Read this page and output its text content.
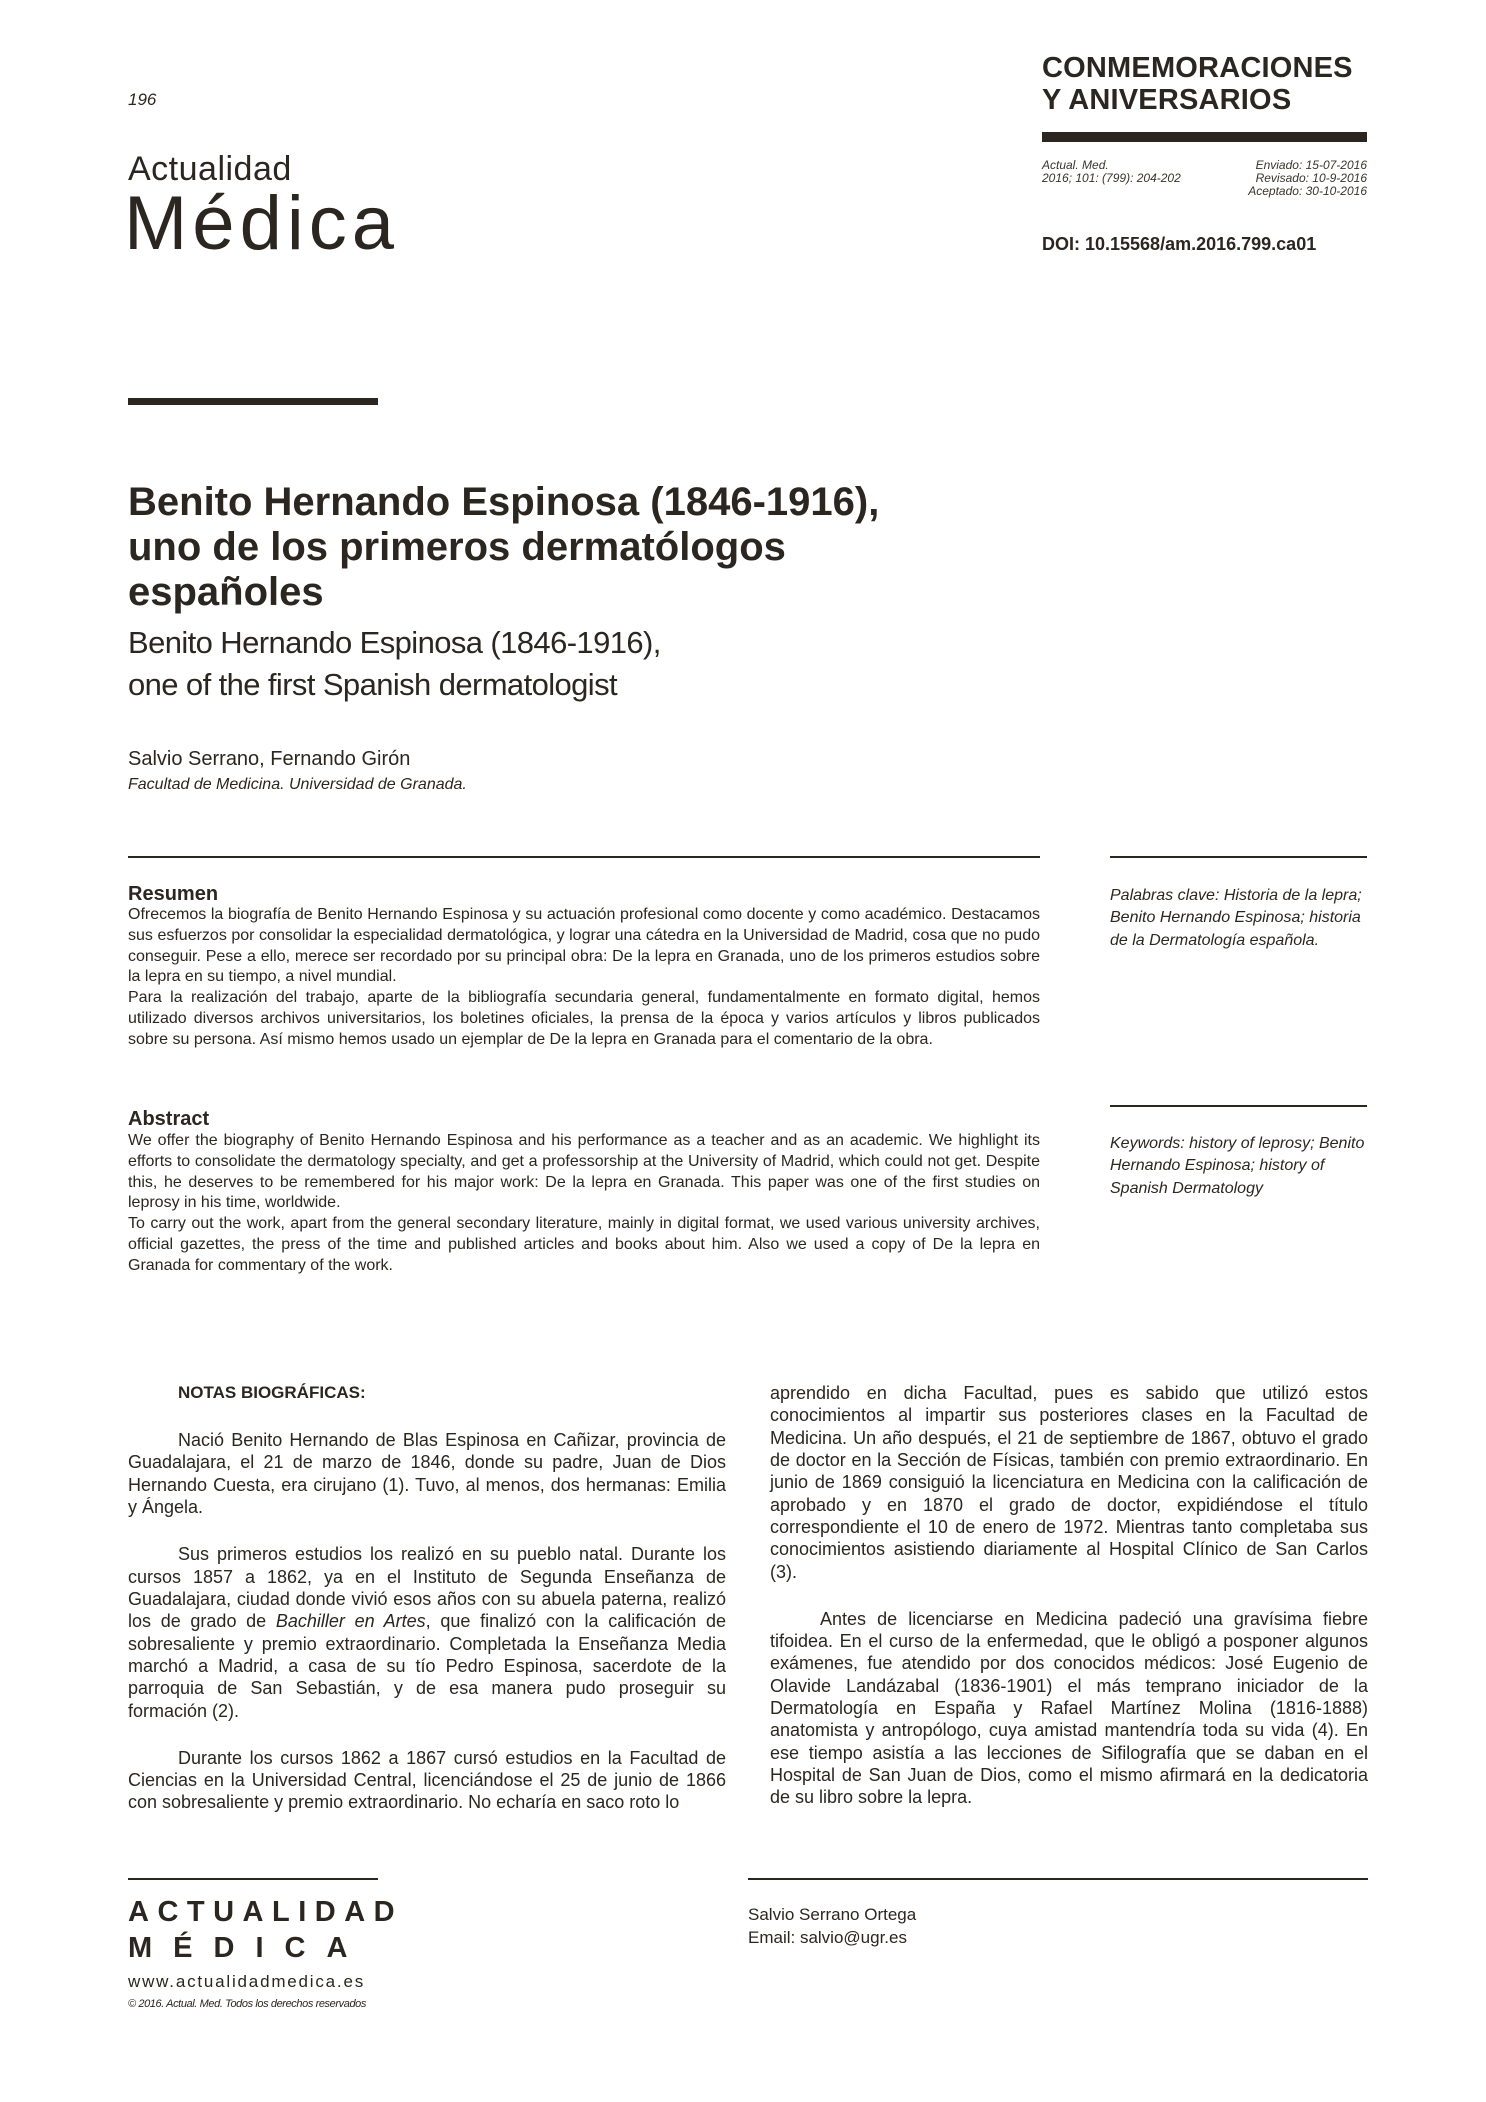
196
Actualidad
Médica
CONMEMORACIONES
Y ANIVERSARIOS
Actual. Med.
2016; 101: (799): 204-202
Enviado: 15-07-2016
Revisado: 10-9-2016
Aceptado: 30-10-2016
DOI: 10.15568/am.2016.799.ca01
Benito Hernando Espinosa (1846-1916),
uno de los primeros dermatólogos
españoles
Benito Hernando Espinosa (1846-1916),
one of the first Spanish dermatologist
Salvio Serrano, Fernando Girón
Facultad de Medicina. Universidad de Granada.
Resumen

Ofrecemos la biografía de Benito Hernando Espinosa y su actuación profesional como docente y como académico. Destacamos sus esfuerzos por consolidar la especialidad dermatológica, y lograr una cátedra en la Universidad de Madrid, cosa que no pudo conseguir. Pese a ello, merece ser recordado por su principal obra: De la lepra en Granada, uno de los primeros estudios sobre la lepra en su tiempo, a nivel mundial.

Para la realización del trabajo, aparte de la bibliografía secundaria general, fundamentalmente en formato digital, hemos utilizado diversos archivos universitarios, los boletines oficiales, la prensa de la época y varios artículos y libros publicados sobre su persona. Así mismo hemos usado un ejemplar de De la lepra en Granada para el comentario de la obra.

Palabras clave: Historia de la lepra; Benito Hernando Espinosa; historia de la Dermatología española.
Abstract

We offer the biography of Benito Hernando Espinosa and his performance as a teacher and as an academic. We highlight its efforts to consolidate the dermatology specialty, and get a professorship at the University of Madrid, which could not get. Despite this, he deserves to be remembered for his major work: De la lepra en Granada. This paper was one of the first studies on leprosy in his time, worldwide.

To carry out the work, apart from the general secondary literature, mainly in digital format, we used various university archives, official gazettes, the press of the time and published articles and books about him. Also we used a copy of De la lepra en Granada for commentary of the work.

Keywords: history of leprosy; Benito Hernando Espinosa; history of Spanish Dermatology
NOTAS BIOGRÁFICAS:

Nació Benito Hernando de Blas Espinosa en Cañizar, provincia de Guadalajara, el 21 de marzo de 1846, donde su padre, Juan de Dios Hernando Cuesta, era cirujano (1). Tuvo, al menos, dos hermanas: Emilia y Ángela.

Sus primeros estudios los realizó en su pueblo natal. Durante los cursos 1857 a 1862, ya en el Instituto de Segunda Enseñanza de Guadalajara, ciudad donde vivió esos años con su abuela paterna, realizó los de grado de Bachiller en Artes, que finalizó con la calificación de sobresaliente y premio extraordinario. Completada la Enseñanza Media marchó a Madrid, a casa de su tío Pedro Espinosa, sacerdote de la parroquia de San Sebastián, y de esa manera pudo proseguir su formación (2).

Durante los cursos 1862 a 1867 cursó estudios en la Facultad de Ciencias en la Universidad Central, licenciándose el 25 de junio de 1866 con sobresaliente y premio extraordinario. No echaría en saco roto lo

aprendido en dicha Facultad, pues es sabido que utilizó estos conocimientos al impartir sus posteriores clases en la Facultad de Medicina. Un año después, el 21 de septiembre de 1867, obtuvo el grado de doctor en la Sección de Físicas, también con premio extraordinario. En junio de 1869 consiguió la licenciatura en Medicina con la calificación de aprobado y en 1870 el grado de doctor, expidiéndose el título correspondiente el 10 de enero de 1972. Mientras tanto completaba sus conocimientos asistiendo diariamente al Hospital Clínico de San Carlos (3).

Antes de licenciarse en Medicina padeció una gravísima fiebre tifoidea. En el curso de la enfermedad, que le obligó a posponer algunos exámenes, fue atendido por dos conocidos médicos: José Eugenio de Olavide Landázabal (1836-1901) el más temprano iniciador de la Dermatología en España y Rafael Martínez Molina (1816-1888) anatomista y antropólogo, cuya amistad mantendría toda su vida (4). En ese tiempo asistía a las lecciones de Sifilografía que se daban en el Hospital de San Juan de Dios, como el mismo afirmará en la dedicatoria de su libro sobre la lepra.

ACTUALIDAD
MÉDICA
www.actualidadmedica.es
© 2016. Actual. Med. Todos los derechos reservados
Salvio Serrano Ortega
Email: salvio@ugr.es
